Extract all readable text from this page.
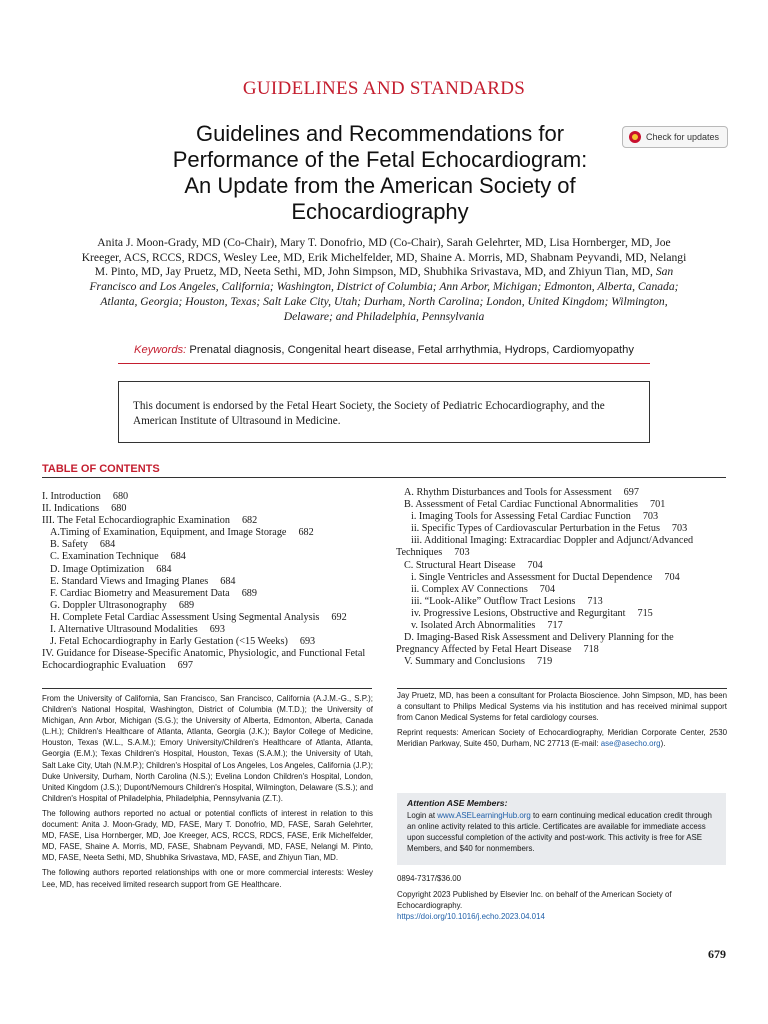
GUIDELINES AND STANDARDS
Guidelines and Recommendations for
Performance of the Fetal Echocardiogram:
An Update from the American Society of
Echocardiography
Check for updates
Anita J. Moon-Grady, MD (Co-Chair), Mary T. Donofrio, MD (Co-Chair), Sarah Gelehrter, MD, Lisa Hornberger, MD, Joe Kreeger, ACS, RCCS, RDCS, Wesley Lee, MD, Erik Michelfelder, MD, Shaine A. Morris, MD, Shabnam Peyvandi, MD, Nelangi M. Pinto, MD, Jay Pruetz, MD, Neeta Sethi, MD, John Simpson, MD, Shubhika Srivastava, MD, and Zhiyun Tian, MD, San Francisco and Los Angeles, California; Washington, District of Columbia; Ann Arbor, Michigan; Edmonton, Alberta, Canada; Atlanta, Georgia; Houston, Texas; Salt Lake City, Utah; Durham, North Carolina; London, United Kingdom; Wilmington, Delaware; and Philadelphia, Pennsylvania
Keywords: Prenatal diagnosis, Congenital heart disease, Fetal arrhythmia, Hydrops, Cardiomyopathy
This document is endorsed by the Fetal Heart Society, the Society of Pediatric Echocardiography, and the American Institute of Ultrasound in Medicine.
TABLE OF CONTENTS
I. Introduction 680
II. Indications 680
III. The Fetal Echocardiographic Examination 682
A.Timing of Examination, Equipment, and Image Storage 682
B. Safety 684
C. Examination Technique 684
D. Image Optimization 684
E. Standard Views and Imaging Planes 684
F. Cardiac Biometry and Measurement Data 689
G. Doppler Ultrasonography 689
H. Complete Fetal Cardiac Assessment Using Segmental Analysis 692
I. Alternative Ultrasound Modalities 693
J. Fetal Echocardiography in Early Gestation (<15 Weeks) 693
IV. Guidance for Disease-Specific Anatomic, Physiologic, and Functional Fetal Echocardiographic Evaluation 697
A. Rhythm Disturbances and Tools for Assessment 697
B. Assessment of Fetal Cardiac Functional Abnormalities 701
i. Imaging Tools for Assessing Fetal Cardiac Function 703
ii. Specific Types of Cardiovascular Perturbation in the Fetus 703
iii. Additional Imaging: Extracardiac Doppler and Adjunct/Advanced Techniques 703
C. Structural Heart Disease 704
i. Single Ventricles and Assessment for Ductal Dependence 704
ii. Complex AV Connections 704
iii. “Look-Alike” Outflow Tract Lesions 713
iv. Progressive Lesions, Obstructive and Regurgitant 715
v. Isolated Arch Abnormalities 717
D. Imaging-Based Risk Assessment and Delivery Planning for the Pregnancy Affected by Fetal Heart Disease 718
V. Summary and Conclusions 719

From the University of California, San Francisco, San Francisco, California (A.J.M.-G., S.P.); Children's National Hospital, Washington, District of Columbia (M.T.D.); the University of Michigan, Ann Arbor, Michigan (S.G.); the University of Alberta, Edmonton, Alberta, Canada (L.H.); Children's Healthcare of Atlanta, Atlanta, Georgia (J.K.); Baylor College of Medicine, Houston, Texas (W.L., S.A.M.); Emory University/Children's Healthcare of Atlanta, Atlanta, Georgia (E.M.); Texas Children's Hospital, Houston, Texas (S.A.M.); the University of Utah, Salt Lake City, Utah (N.M.P.); Children's Hospital of Los Angeles, Los Angeles, California (J.P.); Duke University, Durham, North Carolina (N.S.); Evelina London Children's Hospital, London, United Kingdom (J.S.); Dupont/Nemours Children's Hospital, Wilmington, Delaware (S.S.); and Children's Hospital of Philadelphia, Philadelphia, Pennsylvania (Z.T.).

The following authors reported no actual or potential conflicts of interest in relation to this document: Anita J. Moon-Grady, MD, FASE, Mary T. Donofrio, MD, FASE, Sarah Gelehrter, MD, FASE, Lisa Hornberger, MD, Joe Kreeger, ACS, RCCS, RDCS, FASE, Erik Michelfelder, MD, FASE, Shaine A. Morris, MD, FASE, Shabnam Peyvandi, MD, FASE, Nelangi M. Pinto, MD, FASE, Neeta Sethi, MD, Shubhika Srivastava, MD, FASE, and Zhiyun Tian, MD.

The following authors reported relationships with one or more commercial interests: Wesley Lee, MD, has received limited research support from GE Healthcare.

Jay Pruetz, MD, has been a consultant for Prolacta Bioscience. John Simpson, MD, has been a consultant to Philips Medical Systems via his institution and has received minimal support from Canon Medical Systems for fetal cardiology courses.

Reprint requests: American Society of Echocardiography, Meridian Corporate Center, 2530 Meridian Parkway, Suite 450, Durham, NC 27713 (E-mail: ase@asecho.org).

Attention ASE Members:
Login at www.ASELearningHub.org to earn continuing medical education credit through an online activity related to this article. Certificates are available for immediate access upon successful completion of the activity and post-work. This activity is free for ASE Members, and $40 for nonmembers.
0894-7317/$36.00
Copyright 2023 Published by Elsevier Inc. on behalf of the American Society of Echocardiography.
https://doi.org/10.1016/j.echo.2023.04.014
679
